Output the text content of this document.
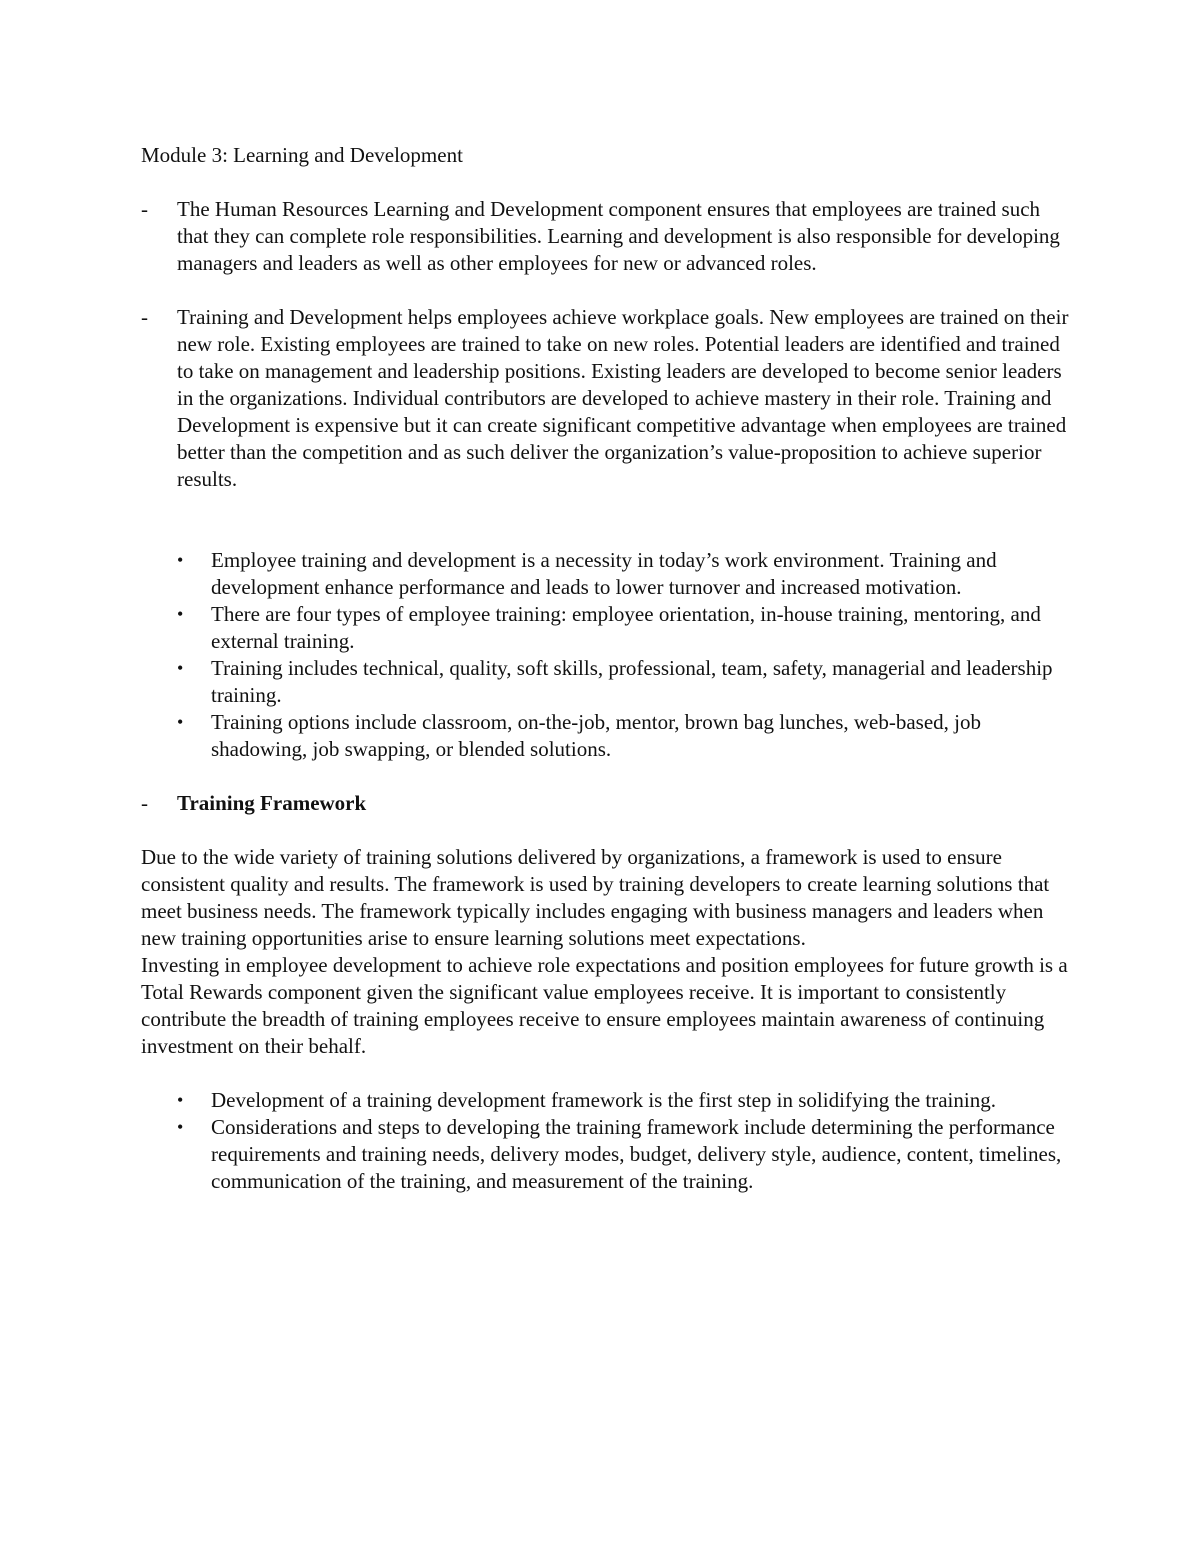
Module 3: Learning and Development

- The Human Resources Learning and Development component ensures that employees are trained such that they can complete role responsibilities. Learning and development is also responsible for developing managers and leaders as well as other employees for new or advanced roles.
- Training and Development helps employees achieve workplace goals. New employees are trained on their new role. Existing employees are trained to take on new roles. Potential leaders are identified and trained to take on management and leadership positions. Existing leaders are developed to become senior leaders in the organizations. Individual contributors are developed to achieve mastery in their role. Training and Development is expensive but it can create significant competitive advantage when employees are trained better than the competition and as such deliver the organization’s value-proposition to achieve superior results.
• Employee training and development is a necessity in today’s work environment. Training and development enhance performance and leads to lower turnover and increased motivation.
• There are four types of employee training: employee orientation, in-house training, mentoring, and external training.
• Training includes technical, quality, soft skills, professional, team, safety, managerial and leadership training.
• Training options include classroom, on-the-job, mentor, brown bag lunches, web-based, job shadowing, job swapping, or blended solutions.
- Training Framework

Due to the wide variety of training solutions delivered by organizations, a framework is used to ensure consistent quality and results. The framework is used by training developers to create learning solutions that meet business needs. The framework typically includes engaging with business managers and leaders when new training opportunities arise to ensure learning solutions meet expectations.

Investing in employee development to achieve role expectations and position employees for future growth is a Total Rewards component given the significant value employees receive. It is important to consistently contribute the breadth of training employees receive to ensure employees maintain awareness of continuing investment on their behalf.

• Development of a training development framework is the first step in solidifying the training.
• Considerations and steps to developing the training framework include determining the performance requirements and training needs, delivery modes, budget, delivery style, audience, content, timelines, communication of the training, and measurement of the training.
